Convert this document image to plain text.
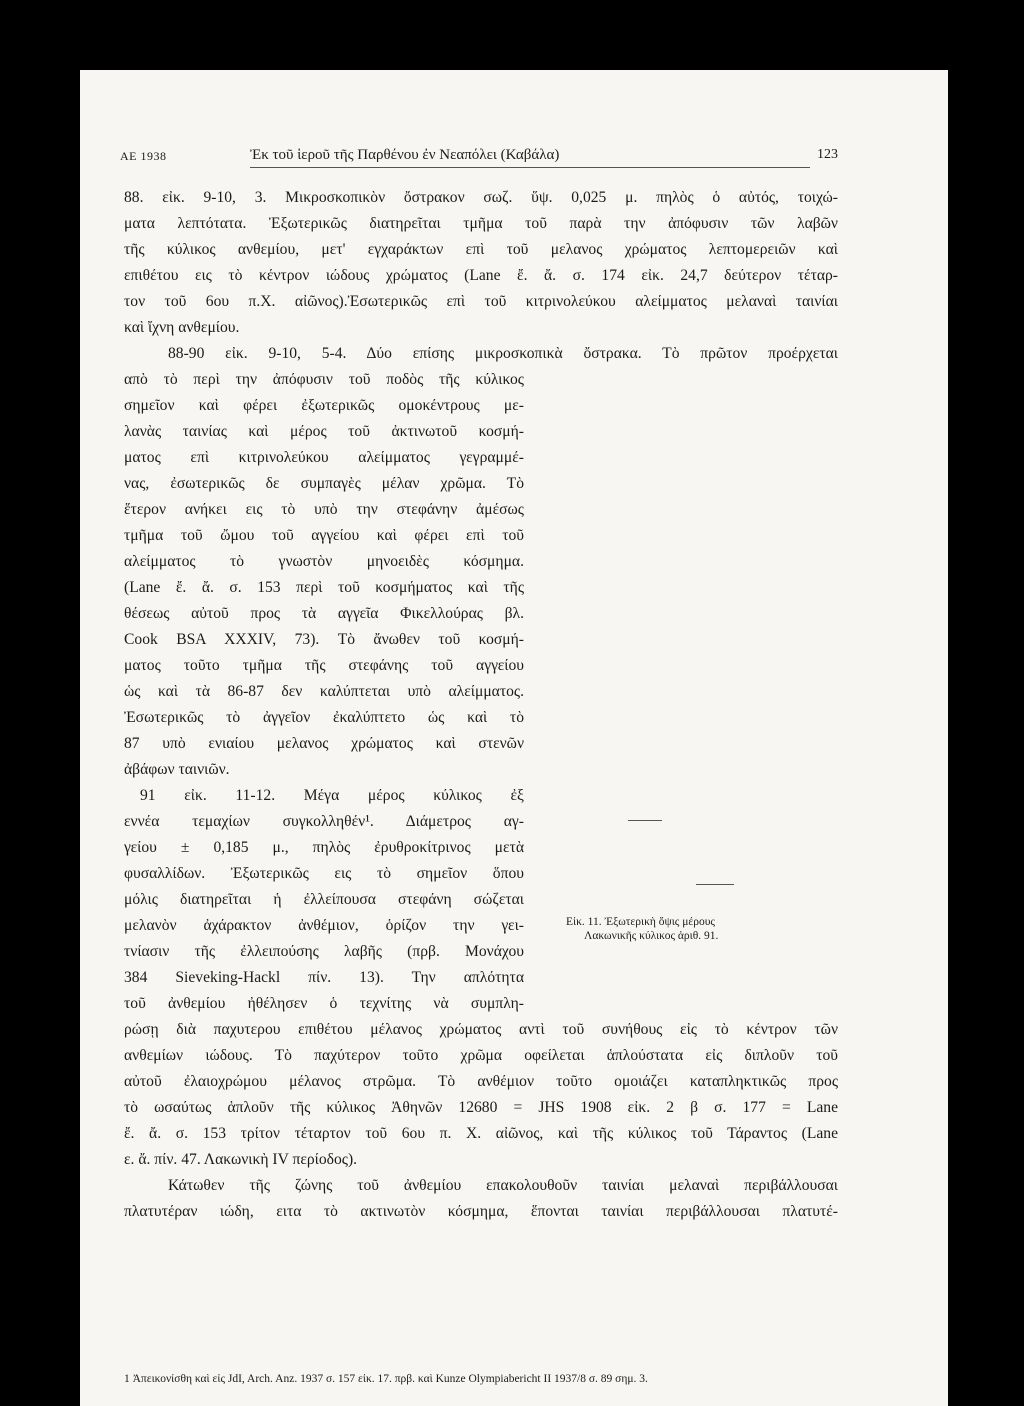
ΑΕ 1938	Ἐκ τοῦ ἱεροῦ τῆς Παρθένου ἐν Νεαπόλει (Καβάλα)	123
88. εἰκ. 9-10, 3. Μικροσκοπικὸν ὄστρακον σωζ. ὕψ. 0,025 μ. πηλὸς ὁ αὐτός, τοιχώ-
ματα λεπτότατα. Ἐξωτερικῶς διατηρεῖται τμῆμα τοῦ παρὰ την ἀπόφυσιν τῶν λαβῶν
τῆς κύλικος ανθεμίου, μετ' εγχαράκτων επὶ τοῦ μελανος χρώματος λεπτομερειῶν καὶ
επιθέτου εις τὸ κέντρον ιώδους χρώματος (Lane ἔ. ἄ. σ. 174 εἰκ. 24,7 δεύτερον τέταρ-
τον τοῦ 6ου π.Χ. αἰῶνος).Ἐσωτερικῶς επὶ τοῦ κιτρινολεύκου αλείμματος μελαναὶ ταινίαι
καὶ ἴχνη ανθεμίου.
88-90 εἰκ. 9-10, 5-4. Δύο επίσης μικροσκοπικὰ ὄστρακα. Τὸ πρῶτον προέρχεται
απὸ τὸ περὶ την ἀπόφυσιν τοῦ ποδὸς τῆς κύλικος
σημεῖον καὶ φέρει ἐξωτερικῶς ομοκέντρους με-
λανὰς ταινίας καὶ μέρος τοῦ ἀκτινωτοῦ κοσμή-
ματος επὶ κιτρινολεύκου αλείμματος γεγραμμέ-
νας, ἐσωτερικῶς δε συμπαγὲς μέλαν χρῶμα. Τὸ
ἕτερον ανήκει εις τὸ υπὸ την στεφάνην ἀμέσως
τμῆμα τοῦ ὤμου τοῦ αγγείου καὶ φέρει επὶ τοῦ
αλείμματος τὸ γνωστὸν μηνοειδὲς κόσμημα.
(Lane ἔ. ἄ. σ. 153 περὶ τοῦ κοσμήματος καὶ τῆς
θέσεως αὐτοῦ προς τὰ αγγεῖα Φικελλούρας βλ.
Cook BSA XXXIV, 73). Τὸ ἄνωθεν τοῦ κοσμή-
ματος τοῦτο τμῆμα τῆς στεφάνης τοῦ αγγείου
ὡς καὶ τὰ 86-87 δεν καλύπτεται υπὸ αλείμματος.
Ἐσωτερικῶς τὸ ἀγγεῖον ἐκαλύπτετο ὡς καὶ τὸ
87 υπὸ ενιαίου μελανος χρώματος καὶ στενῶν
ἀβάφων ταινιῶν.
91 εἰκ. 11-12. Μέγα μέρος κύλικος ἐξ
εννέα τεμαχίων συγκολληθέν¹. Διάμετρος αγ-
γείου ± 0,185 μ., πηλὸς ἐρυθροκίτρινος μετὰ
φυσαλλίδων. Ἐξωτερικῶς εις τὸ σημεῖον ὅπου
μόλις διατηρεῖται ἡ ἐλλείπουσα στεφάνη σώζεται
μελανὸν ἀχάρακτον ἀνθέμιον, ὁρίζον την γει-
τνίασιν τῆς ἐλλειπούσης λαβῆς (πρβ. Μονάχου
384 Sieveking-Hackl πίν. 13). Την απλότητα
τοῦ ἀνθεμίου ἠθέλησεν ὁ τεχνίτης νὰ συμπλη-
ρώσῃ διὰ παχυτερου επιθέτου μέλανος χρώματος αντὶ τοῦ συνήθους εἰς τὸ κέντρον τῶν
ανθεμίων ιώδους. Τὸ παχύτερον τοῦτο χρῶμα οφείλεται ἁπλούστατα εἰς διπλοῦν τοῦ
αὐτοῦ ἐλαιοχρώμου μέλανος στρῶμα. Τὸ ανθέμιον τοῦτο ομοιάζει καταπληκτικῶς προς
τὸ ωσαύτως ἁπλοῦν τῆς κύλικος Ἀθηνῶν 12680 = JHS 1908 εἰκ. 2 β σ. 177 = Lane
ἔ. ἄ. σ. 153 τρίτον τέταρτον τοῦ 6ου π. Χ. αἰῶνος, καὶ τῆς κύλικος τοῦ Τάραντος (Lane
ε. ἄ. πίν. 47. Λακωνικὴ IV περίοδος).
Κάτωθεν τῆς ζώνης τοῦ ἀνθεμίου επακολουθοῦν ταινίαι μελαναὶ περιβάλλουσαι
πλατυτέραν ιώδη, ειτα τὸ ακτινωτὸν κόσμημα, ἕπονται ταινίαι περιβάλλουσαι πλατυτέ-
Εἰκ. 11. Ἐξωτερικὴ ὄψις μέρους
Λακωνικῆς κύλικος ἀριθ. 91.
1 Ἀπεικονίσθη καὶ εἰς JdI, Arch. Anz. 1937 σ. 157 εἰκ. 17. πρβ. καὶ Kunze Olympiabericht II 1937/8 σ. 89 σημ. 3.
